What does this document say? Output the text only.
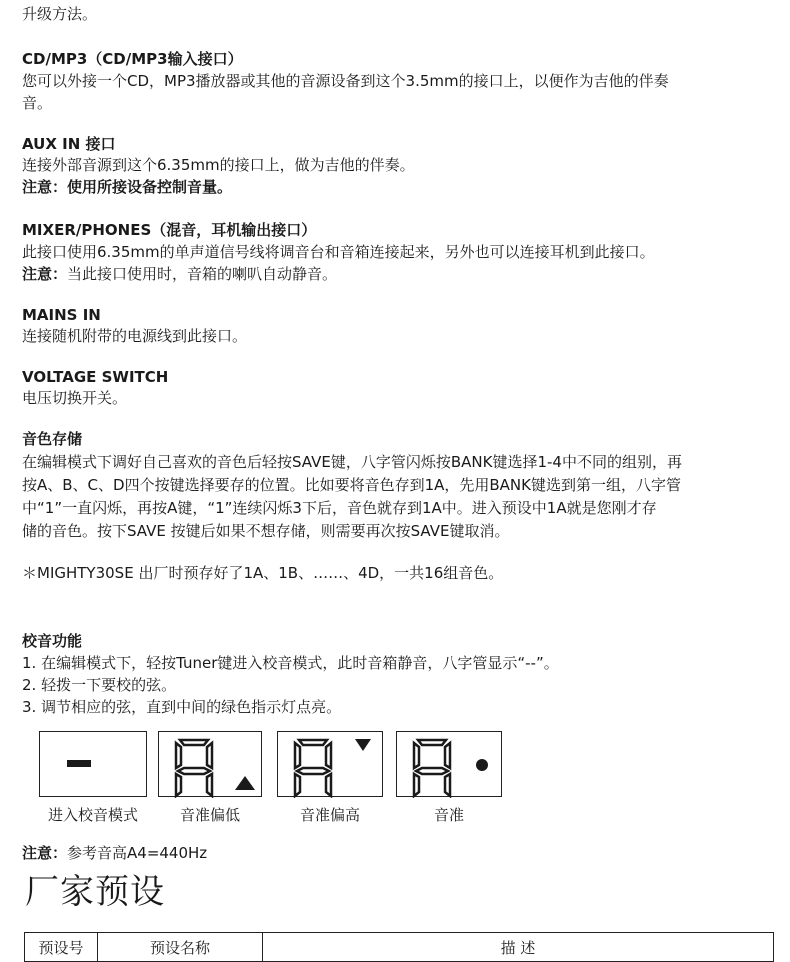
升级方法。
CD/MP3（CD/MP3输入接口）
您可以外接一个CD，MP3播放器或其他的音源设备到这个3.5mm的接口上，以便作为吉他的伴奏
音。
AUX IN 接口
连接外部音源到这个6.35mm的接口上，做为吉他的伴奏。
注意：使用所接设备控制音量。
MIXER/PHONES（混音，耳机输出接口）
此接口使用6.35mm的单声道信号线将调音台和音箱连接起来，另外也可以连接耳机到此接口。
注意：当此接口使用时，音箱的喇叭自动静音。
MAINS IN
连接随机附带的电源线到此接口。
VOLTAGE SWITCH
电压切换开关。
音色存储
在编辑模式下调好自己喜欢的音色后轻按SAVE键，八字管闪烁按BANK键选择1-4中不同的组别，再
按A、B、C、D四个按键选择要存的位置。比如要将音色存到1A，先用BANK键选到第一组，八字管
中“1”一直闪烁，再按A键，“1”连续闪烁3下后，音色就存到1A中。进入预设中1A就是您刚才存
储的音色。按下SAVE 按键后如果不想存储，则需要再次按SAVE键取消。
＊MIGHTY30SE 出厂时预存好了1A、1B、……、4D，一共16组音色。
校音功能
1. 在编辑模式下，轻按Tuner键进入校音模式，此时音箱静音，八字管显示“--”。
2. 轻拨一下要校的弦。
3. 调节相应的弦，直到中间的绿色指示灯点亮。
进入校音模式	音准偏低	音准偏高	音准
注意：参考音高A4=440Hz
厂家预设
预设号	预设名称	描 述
